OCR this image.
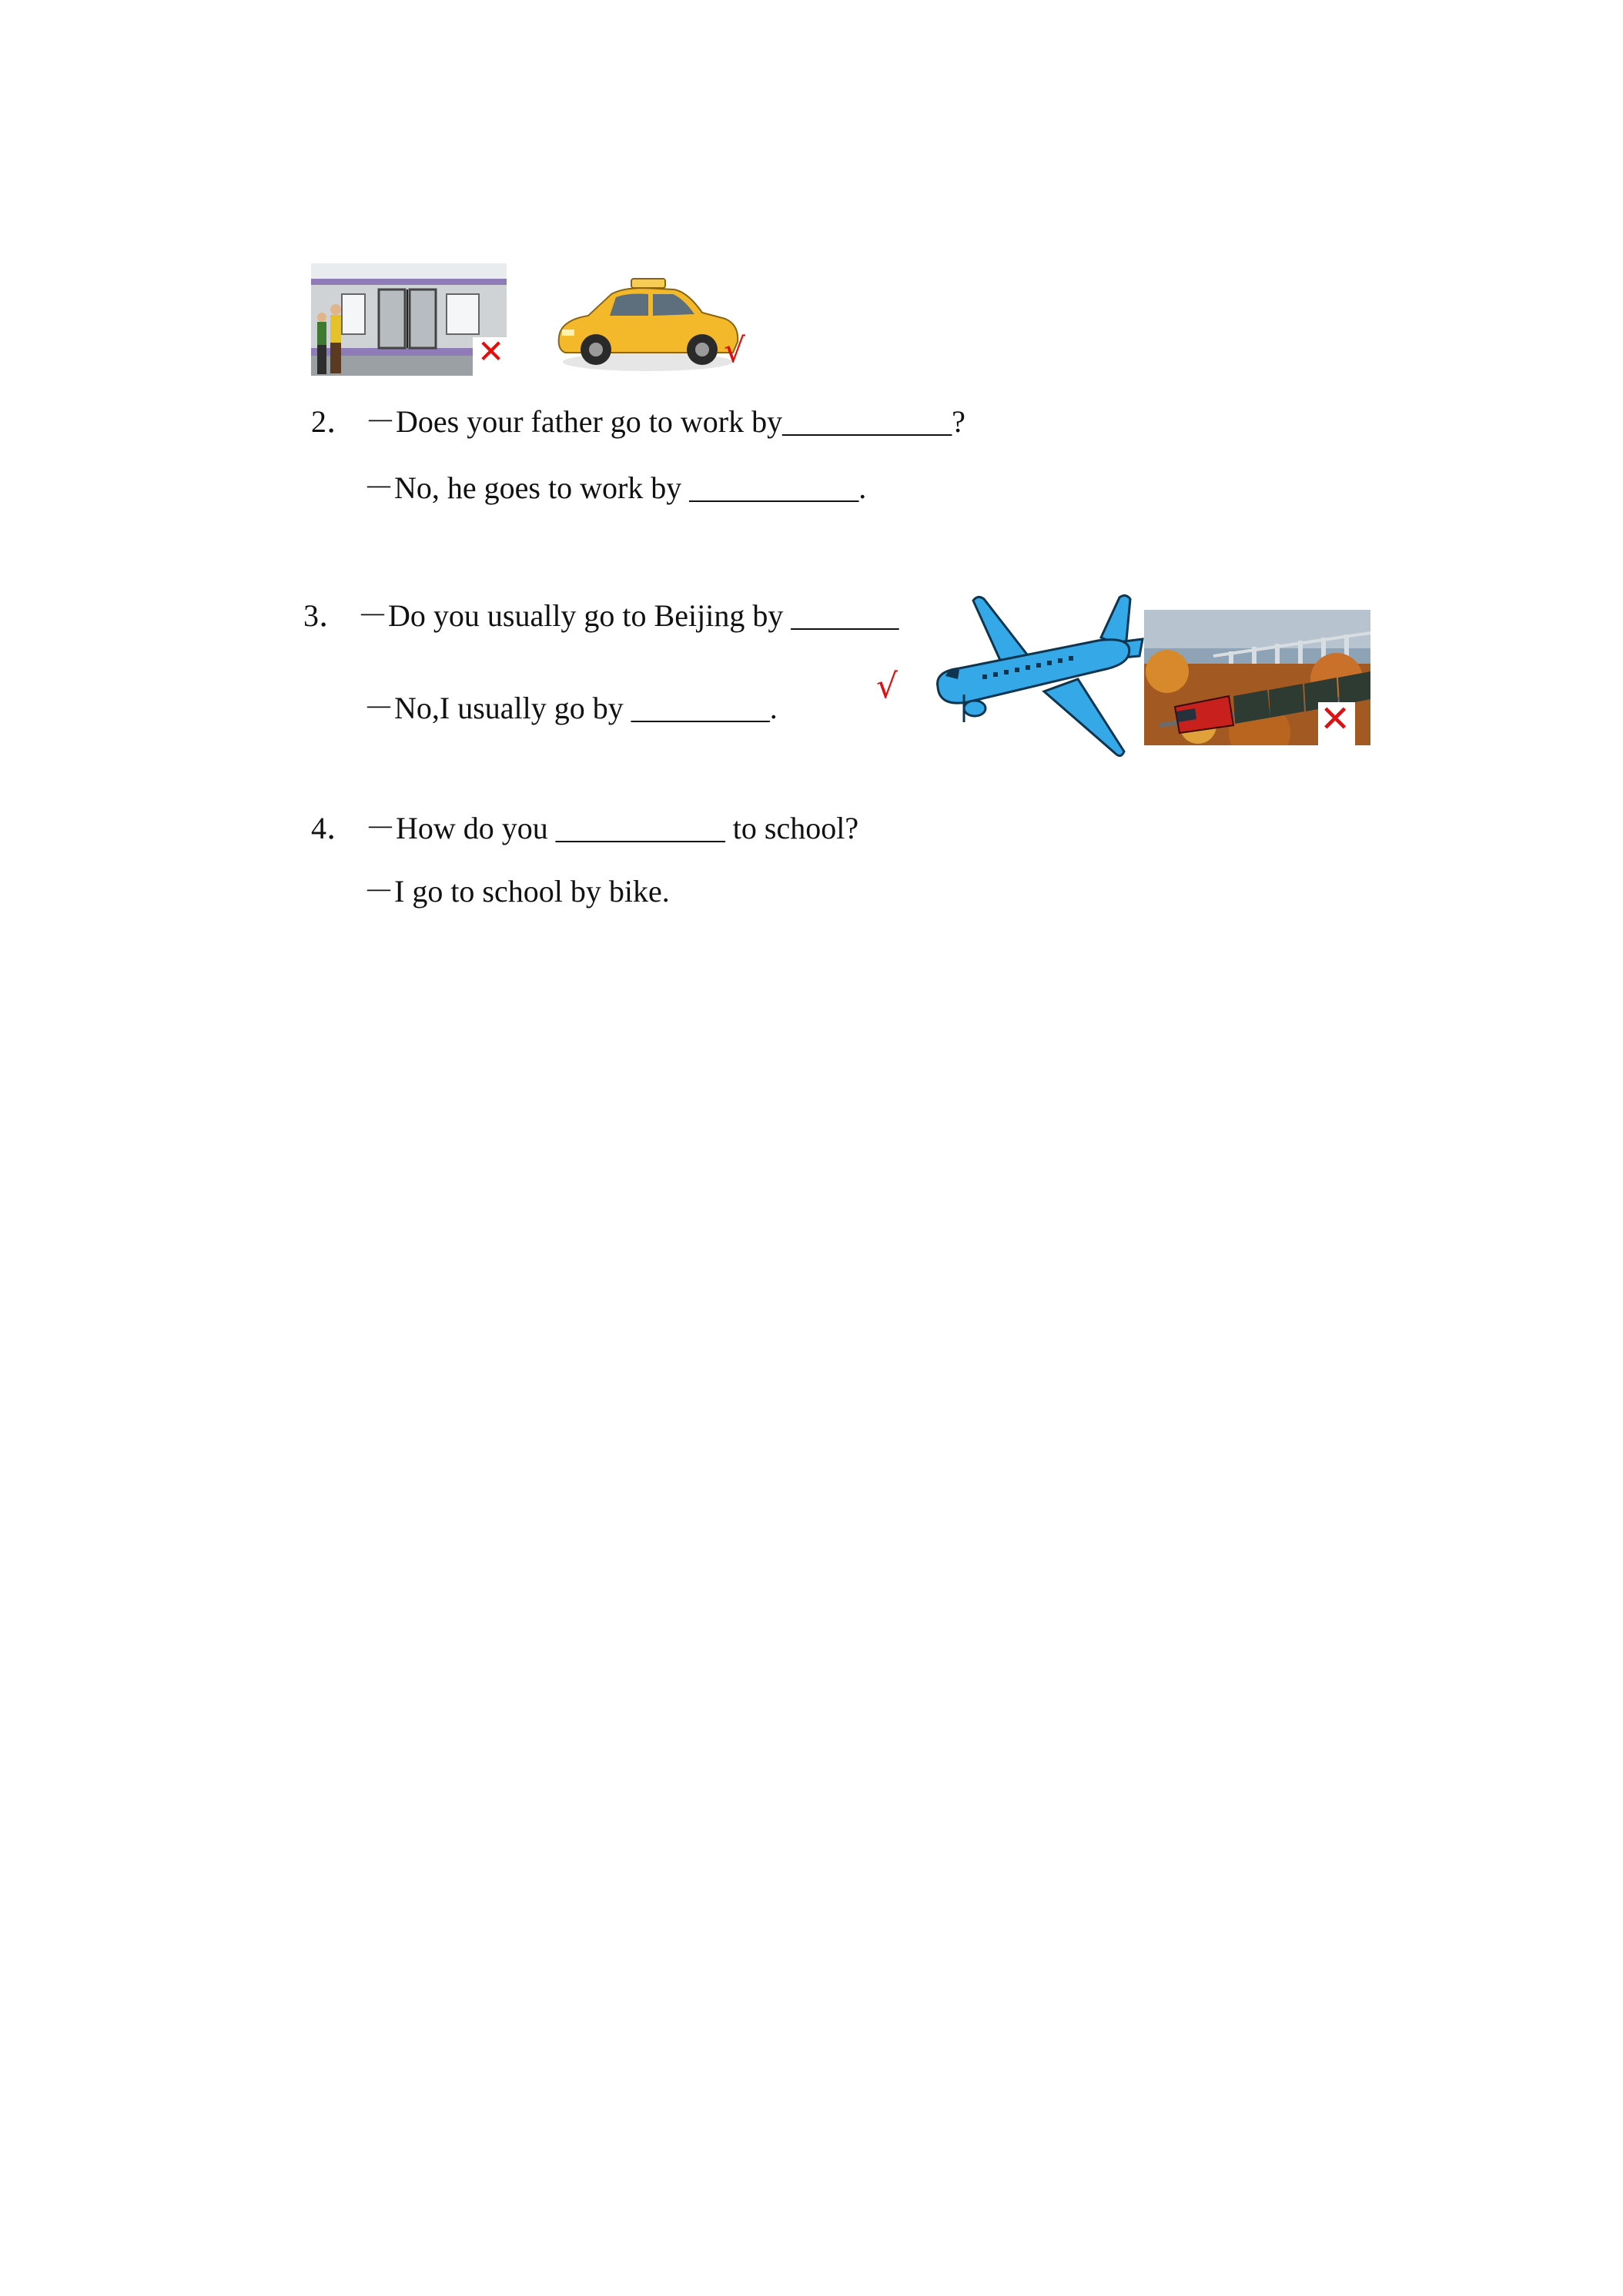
✕	√
2． －Does your father go to work by___________?
－No, he goes to work by ___________.
3． －Do you usually go to Beijing by _______
－No,I usually go by _________.
√
✕
4． －How do you ___________ to school?
－I go to school by bike.
